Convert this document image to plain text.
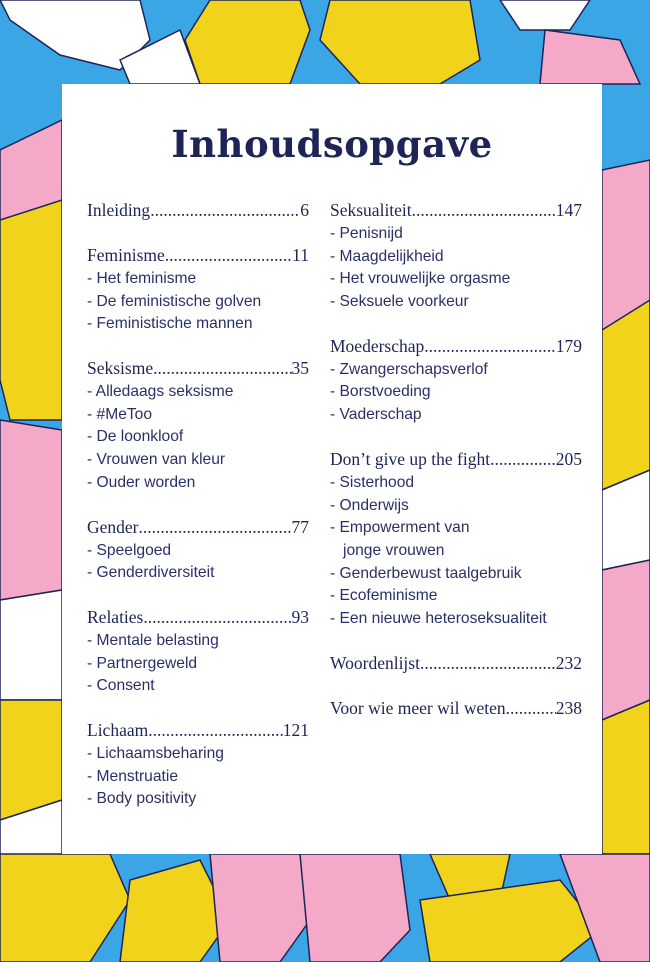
Inhoudsopgave
Inleiding .....	6
Feminisme .....	11
- Het feminisme
- De feministische golven
- Feministische mannen
Seksisme .....	35
- Alledaags seksisme
- #MeToo
- De loonkloof
- Vrouwen van kleur
- Ouder worden
Gender .....	77
- Speelgoed
- Genderdiversiteit
Relaties .....	93
- Mentale belasting
- Partnergeweld
- Consent
Lichaam .....	121
- Lichaamsbeharing
- Menstruatie
- Body positivity
Seksualiteit .....	147
- Penisnijd
- Maagdelijkheid
- Het vrouwelijke orgasme
- Seksuele voorkeur
Moederschap .....	179
- Zwangerschapsverlof
- Borstvoeding
- Vaderschap
Don’t give up the fight .....	205
- Sisterhood
- Onderwijs
- Empowerment van
jonge vrouwen
- Genderbewust taalgebruik
- Ecofeminisme
- Een nieuwe heteroseksualiteit
Woordenlijst .....	232
Voor wie meer wil weten .....	238
